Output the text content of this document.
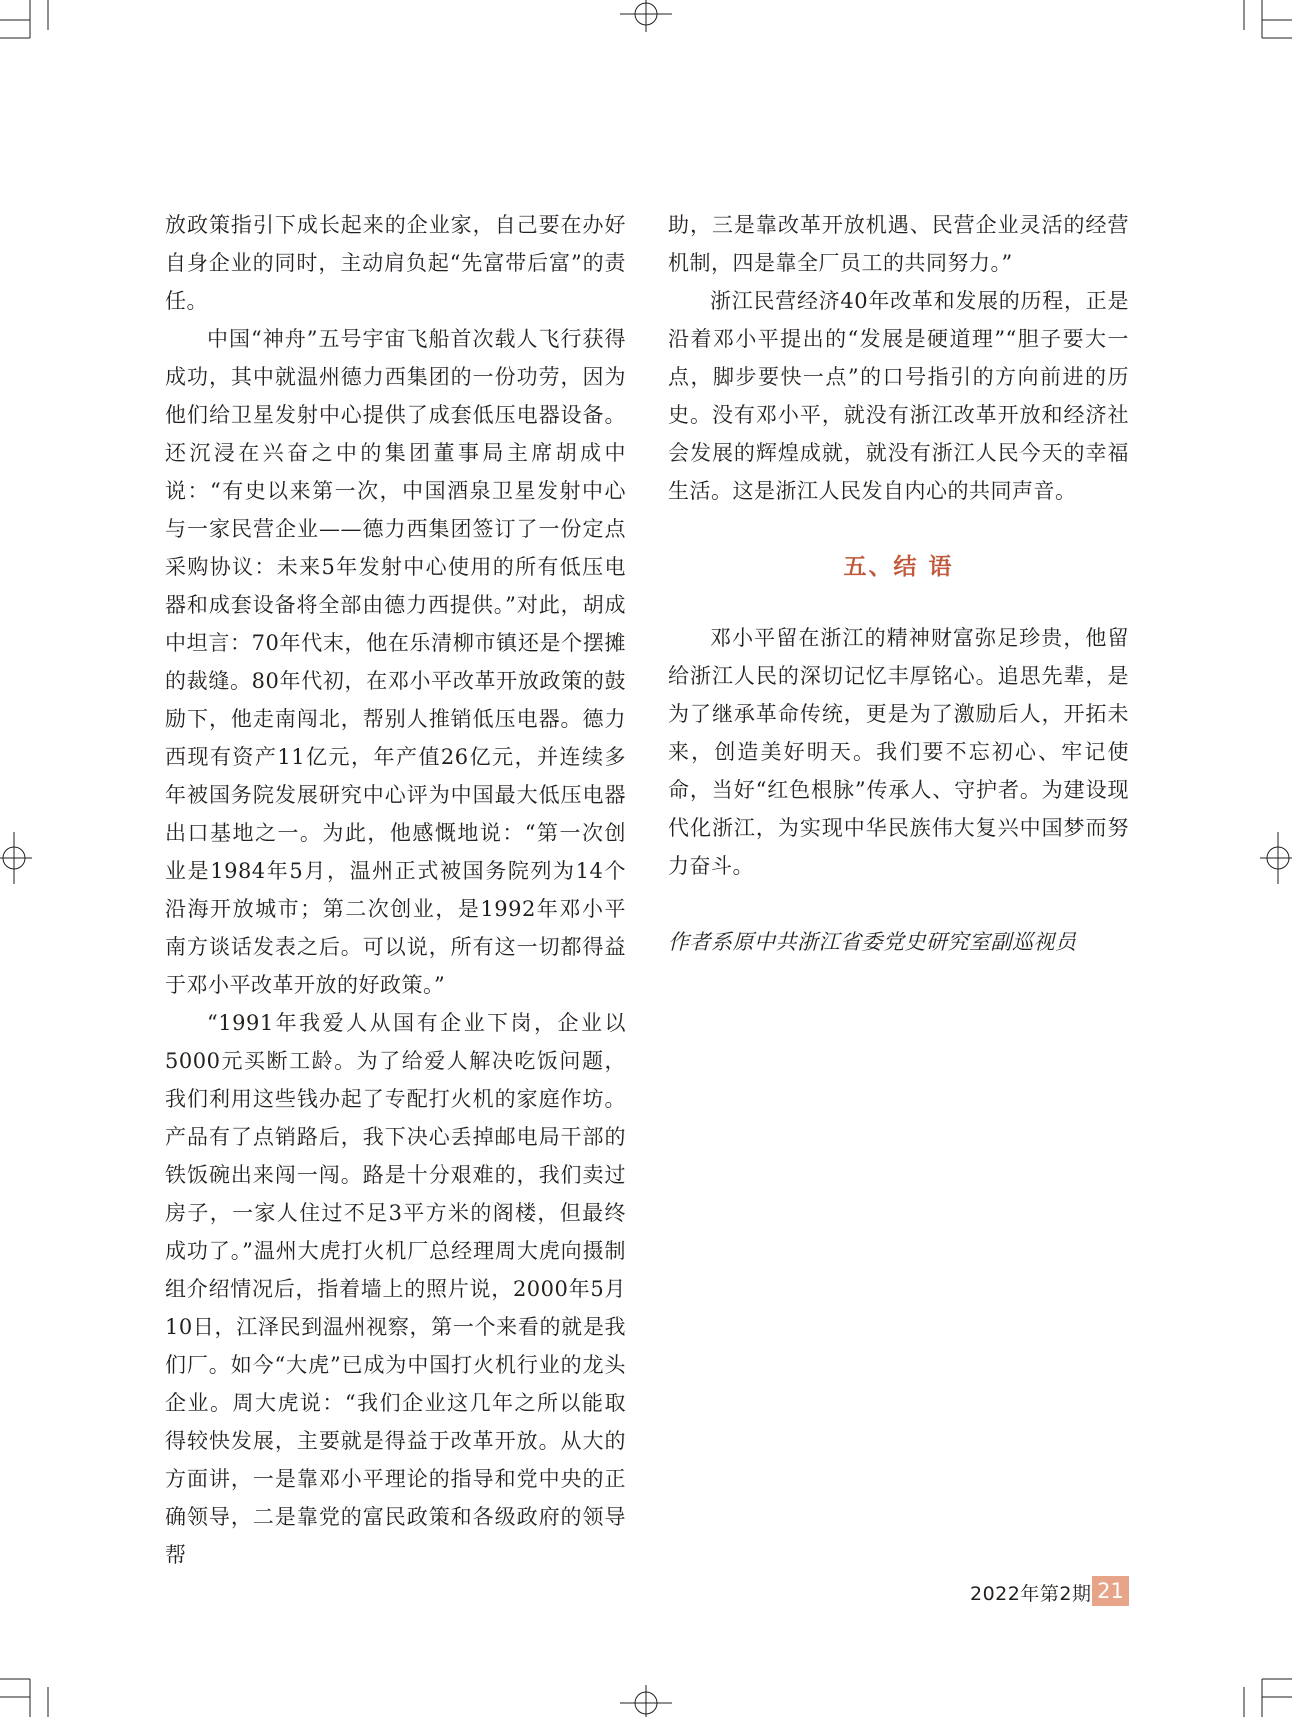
放政策指引下成长起来的企业家，自己要在办好自身企业的同时，主动肩负起“先富带后富”的责任。

中国“神舟”五号宇宙飞船首次载人飞行获得成功，其中就温州德力西集团的一份功劳，因为他们给卫星发射中心提供了成套低压电器设备。还沉浸在兴奋之中的集团董事局主席胡成中说：“有史以来第一次，中国酒泉卫星发射中心与一家民营企业——德力西集团签订了一份定点采购协议：未来5年发射中心使用的所有低压电器和成套设备将全部由德力西提供。”对此，胡成中坦言：70年代末，他在乐清柳市镇还是个摆摊的裁缝。80年代初，在邓小平改革开放政策的鼓励下，他走南闯北，帮别人推销低压电器。德力西现有资产11亿元，年产值26亿元，并连续多年被国务院发展研究中心评为中国最大低压电器出口基地之一。为此，他感慨地说：“第一次创业是1984年5月，温州正式被国务院列为14个沿海开放城市；第二次创业，是1992年邓小平南方谈话发表之后。可以说，所有这一切都得益于邓小平改革开放的好政策。”

“1991年我爱人从国有企业下岗，企业以5000元买断工龄。为了给爱人解决吃饭问题，我们利用这些钱办起了专配打火机的家庭作坊。产品有了点销路后，我下决心丢掉邮电局干部的铁饭碗出来闯一闯。路是十分艰难的，我们卖过房子，一家人住过不足3平方米的阁楼，但最终成功了。”温州大虎打火机厂总经理周大虎向摄制组介绍情况后，指着墙上的照片说，2000年5月10日，江泽民到温州视察，第一个来看的就是我们厂。如今“大虎”已成为中国打火机行业的龙头企业。周大虎说：“我们企业这几年之所以能取得较快发展，主要就是得益于改革开放。从大的方面讲，一是靠邓小平理论的指导和党中央的正确领导，二是靠党的富民政策和各级政府的领导帮

助，三是靠改革开放机遇、民营企业灵活的经营机制，四是靠全厂员工的共同努力。”

浙江民营经济40年改革和发展的历程，正是沿着邓小平提出的“发展是硬道理”“胆子要大一点，脚步要快一点”的口号指引的方向前进的历史。没有邓小平，就没有浙江改革开放和经济社会发展的辉煌成就，就没有浙江人民今天的幸福生活。这是浙江人民发自内心的共同声音。

五、结 语

邓小平留在浙江的精神财富弥足珍贵，他留给浙江人民的深切记忆丰厚铭心。追思先辈，是为了继承革命传统，更是为了激励后人，开拓未来，创造美好明天。我们要不忘初心、牢记使命，当好“红色根脉”传承人、守护者。为建设现代化浙江，为实现中华民族伟大复兴中国梦而努力奋斗。

作者系原中共浙江省委党史研究室副巡视员

2022年第2期 21
